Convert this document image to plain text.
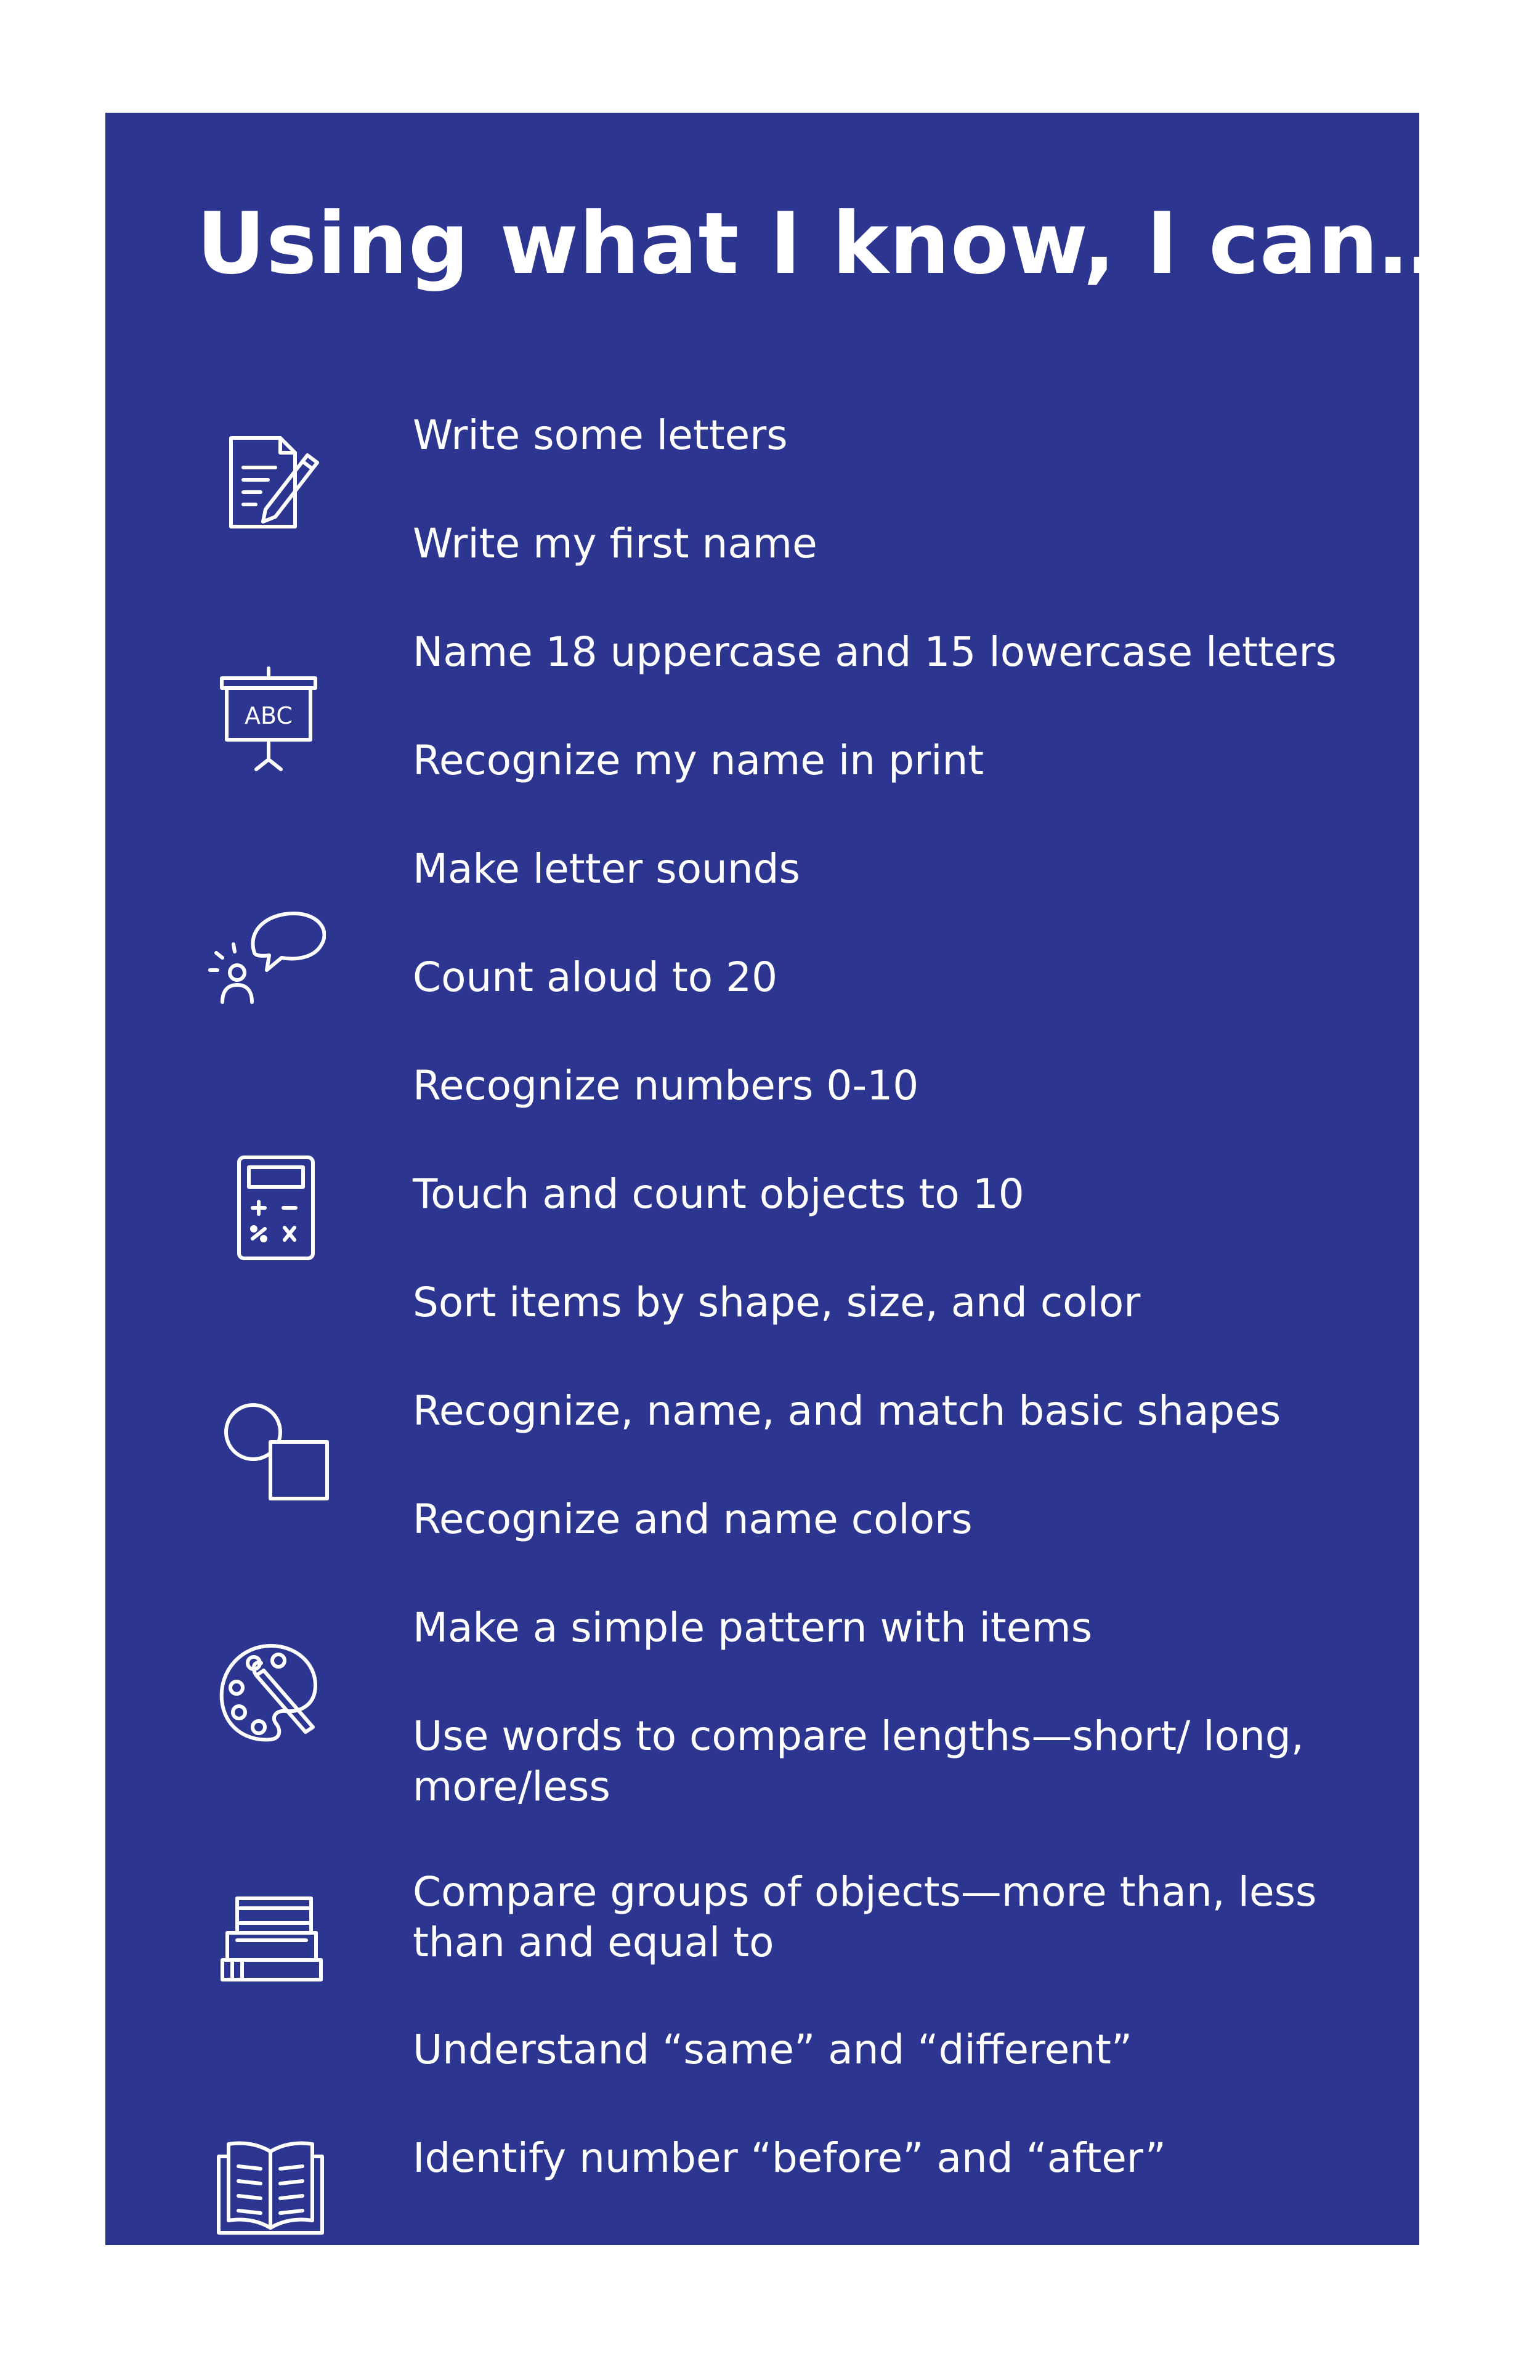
Using what I know, I can…
ABC

Write some letters

Write my first name

Name 18 uppercase and 15 lowercase letters

Recognize my name in print

Make letter sounds

Count aloud to 20

Recognize numbers 0-10

Touch and count objects to 10

Sort items by shape, size, and color

Recognize, name, and match basic shapes

Recognize and name colors

Make a simple pattern with items

Use words to compare lengths—short/ long, more/less

Compare groups of objects—more than, less than and equal to

Understand “same” and “different”

Identify number “before” and “after”
